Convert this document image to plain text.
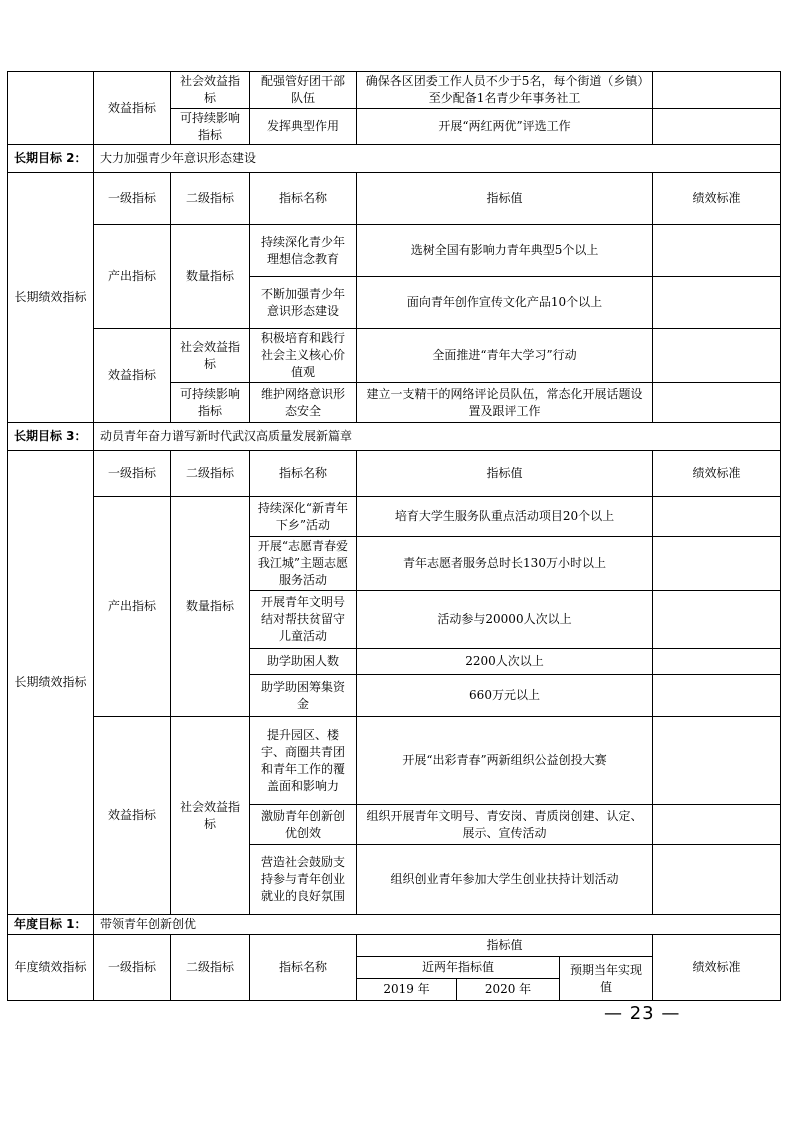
	效益指标	社会效益指标	配强管好团干部队伍	确保各区团委工作人员不少于5名，每个街道（乡镇）至少配备1名青少年事务社工			
		可持续影响指标	发挥典型作用	开展“两红两优”评选工作			
长期目标 2：	大力加强青少年意识形态建设						
长期绩效指标	一级指标	二级指标	指标名称	指标值			绩效标准
	产出指标	数量指标	持续深化青少年理想信念教育	选树全国有影响力青年典型5个以上			
			不断加强青少年意识形态建设	面向青年创作宣传文化产品10个以上			
	效益指标	社会效益指标	积极培育和践行社会主义核心价值观	全面推进“青年大学习”行动			
		可持续影响指标	维护网络意识形态安全	建立一支精干的网络评论员队伍，常态化开展话题设置及跟评工作			
长期目标 3：	动员青年奋力谱写新时代武汉高质量发展新篇章						
长期绩效指标	一级指标	二级指标	指标名称	指标值			绩效标准
	产出指标	数量指标	持续深化“新青年下乡”活动	培育大学生服务队重点活动项目20个以上			
			开展“志愿青春爱我江城”主题志愿服务活动	青年志愿者服务总时长130万小时以上			
			开展青年文明号结对帮扶贫留守儿童活动	活动参与20000人次以上			
			助学助困人数	2200人次以上			
			助学助困筹集资金	660万元以上			
	效益指标	社会效益指标	提升园区、楼宇、商圈共青团和青年工作的覆盖面和影响力	开展“出彩青春”两新组织公益创投大赛			
			激励青年创新创优创效	组织开展青年文明号、青安岗、青质岗创建、认定、展示、宣传活动			
			营造社会鼓励支持参与青年创业就业的良好氛围	组织创业青年参加大学生创业扶持计划活动			
年度目标 1：	带领青年创新创优						
年度绩效指标	一级指标	二级指标	指标名称	指标值			绩效标准
				近两年指标值		预期当年实现值	
				2019 年	2020 年		
— 23 —
